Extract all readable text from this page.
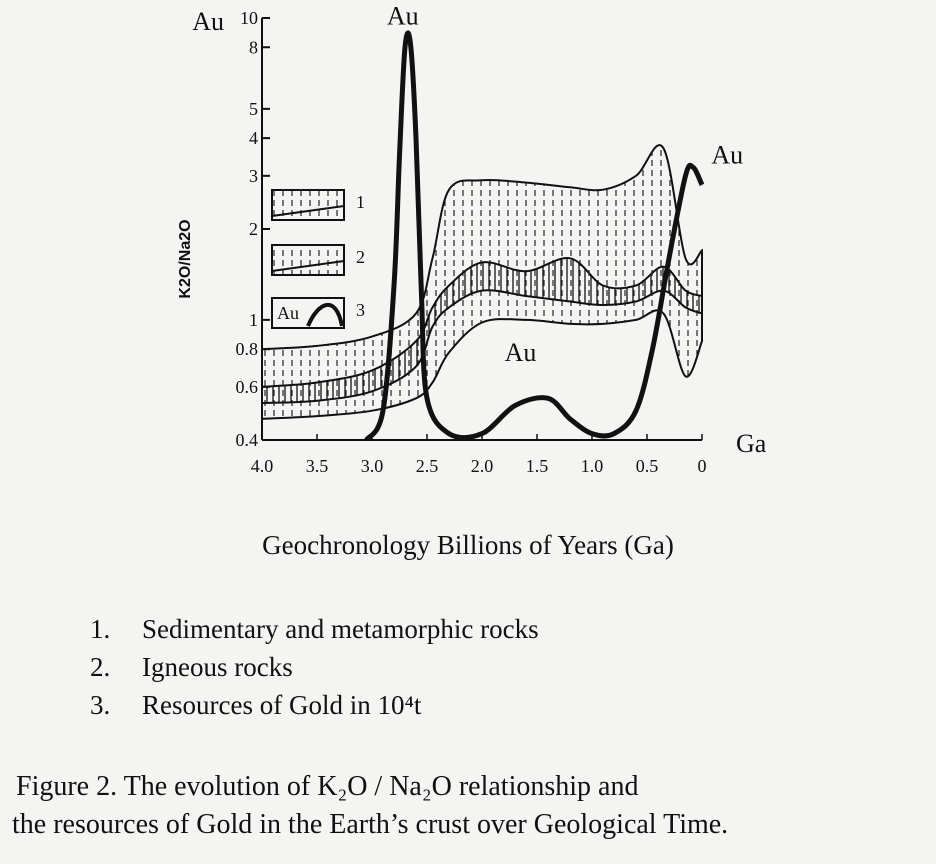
10
8
5
4
3
2
1
0.8
0.6
0.4
4.0 3.5 3.0 2.5 2.0 1.5 1.0 0.5 0
1
2
Au	3
Au
Ga
K2O/Na2O
Au
Au
Au
Geochronology Billions of Years (Ga)
1.	Sedimentary and metamorphic rocks
2.	Igneous rocks
3.	Resources of Gold in 10⁴t
Figure 2. The evolution of K₂O / Na₂O relationship and
the resources of Gold in the Earth’s crust over Geological Time.
